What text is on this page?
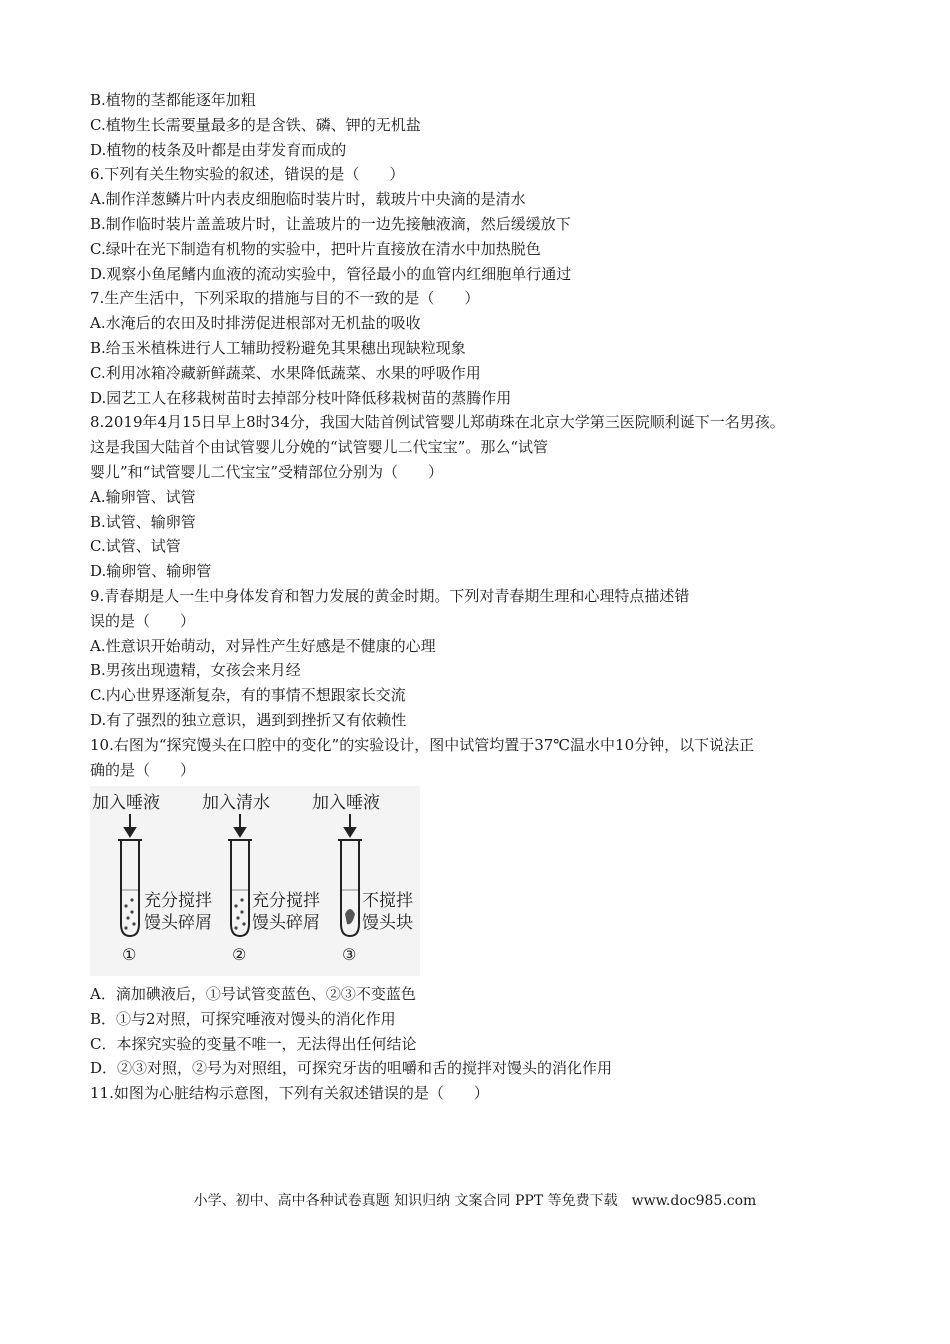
B.植物的茎都能逐年加粗
C.植物生长需要量最多的是含铁、磷、钾的无机盐
D.植物的枝条及叶都是由芽发育而成的
6.下列有关生物实验的叙述，错误的是（　　）
A.制作洋葱鳞片叶内表皮细胞临时装片时，载玻片中央滴的是清水
B.制作临时装片盖盖玻片时，让盖玻片的一边先接触液滴，然后缓缓放下
C.绿叶在光下制造有机物的实验中，把叶片直接放在清水中加热脱色
D.观察小鱼尾鳍内血液的流动实验中，管径最小的血管内红细胞单行通过
7.生产生活中，下列采取的措施与目的不一致的是（　　）
A.水淹后的农田及时排涝促进根部对无机盐的吸收
B.给玉米植株进行人工辅助授粉避免其果穗出现缺粒现象
C.利用冰箱冷藏新鲜蔬菜、水果降低蔬菜、水果的呼吸作用
D.园艺工人在移栽树苗时去掉部分枝叶降低移栽树苗的蒸腾作用
8.2019年4月15日早上8时34分，我国大陆首例试管婴儿郑萌珠在北京大学第三医院顺利诞下一名男孩。
这是我国大陆首个由试管婴儿分娩的“试管婴儿二代宝宝”。那么“试管
婴儿”和“试管婴儿二代宝宝”受精部位分别为（　　）
A.输卵管、试管
B.试管、输卵管
C.试管、试管
D.输卵管、输卵管
9.青春期是人一生中身体发育和智力发展的黄金时期。下列对青春期生理和心理特点描述错
误的是（　　）
A.性意识开始萌动，对异性产生好感是不健康的心理
B.男孩出现遗精，女孩会来月经
C.内心世界逐渐复杂，有的事情不想跟家长交流
D.有了强烈的独立意识，遇到到挫折又有依赖性
10.右图为“探究馒头在口腔中的变化”的实验设计，图中试管均置于37℃温水中10分钟，以下说法正
确的是（　　）
加入唾液 加入清水 加入唾液
充分搅拌
馒头碎屑
充分搅拌
馒头碎屑
不搅拌
馒头块
①	②	③
A．滴加碘液后，①号试管变蓝色、②③不变蓝色
B．①与2对照，可探究唾液对馒头的消化作用
C．本探究实验的变量不唯一，无法得出任何结论
D．②③对照，②号为对照组，可探究牙齿的咀嚼和舌的搅拌对馒头的消化作用
11.如图为心脏结构示意图，下列有关叙述错误的是（　　）
小学、初中、高中各种试卷真题 知识归纳 文案合同 PPT 等免费下载　www.doc985.com
